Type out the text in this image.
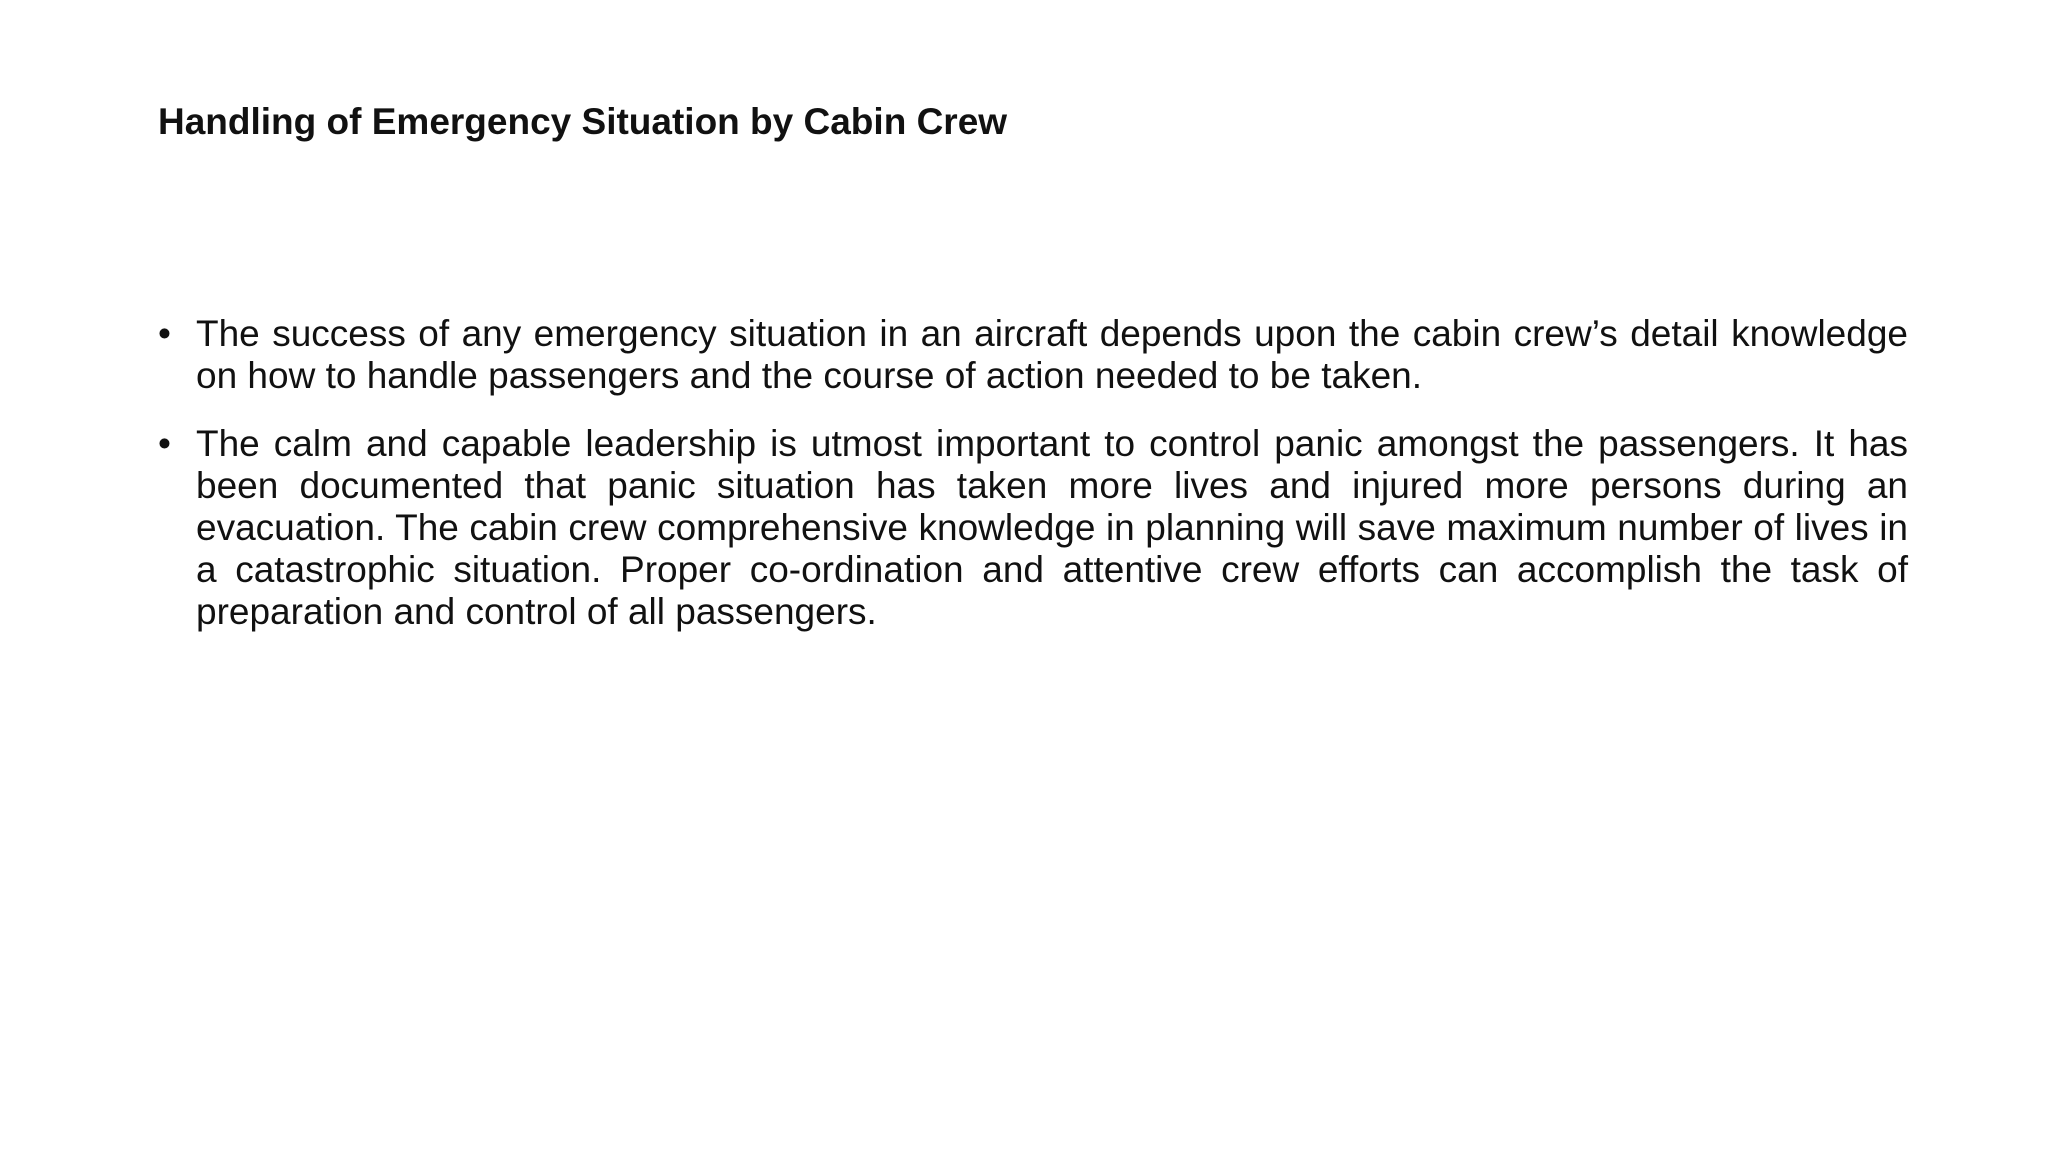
Handling of Emergency Situation by Cabin Crew
• The success of any emergency situation in an aircraft depends upon the cabin crew’s detail knowledge on how to handle passengers and the course of action needed to be taken.
• The calm and capable leadership is utmost important to control panic amongst the passengers. It has been documented that panic situation has taken more lives and injured more persons during an evacuation. The cabin crew comprehensive knowledge in planning will save maximum number of lives in a catastrophic situation. Proper co-ordination and attentive crew efforts can accomplish the task of preparation and control of all passengers.
